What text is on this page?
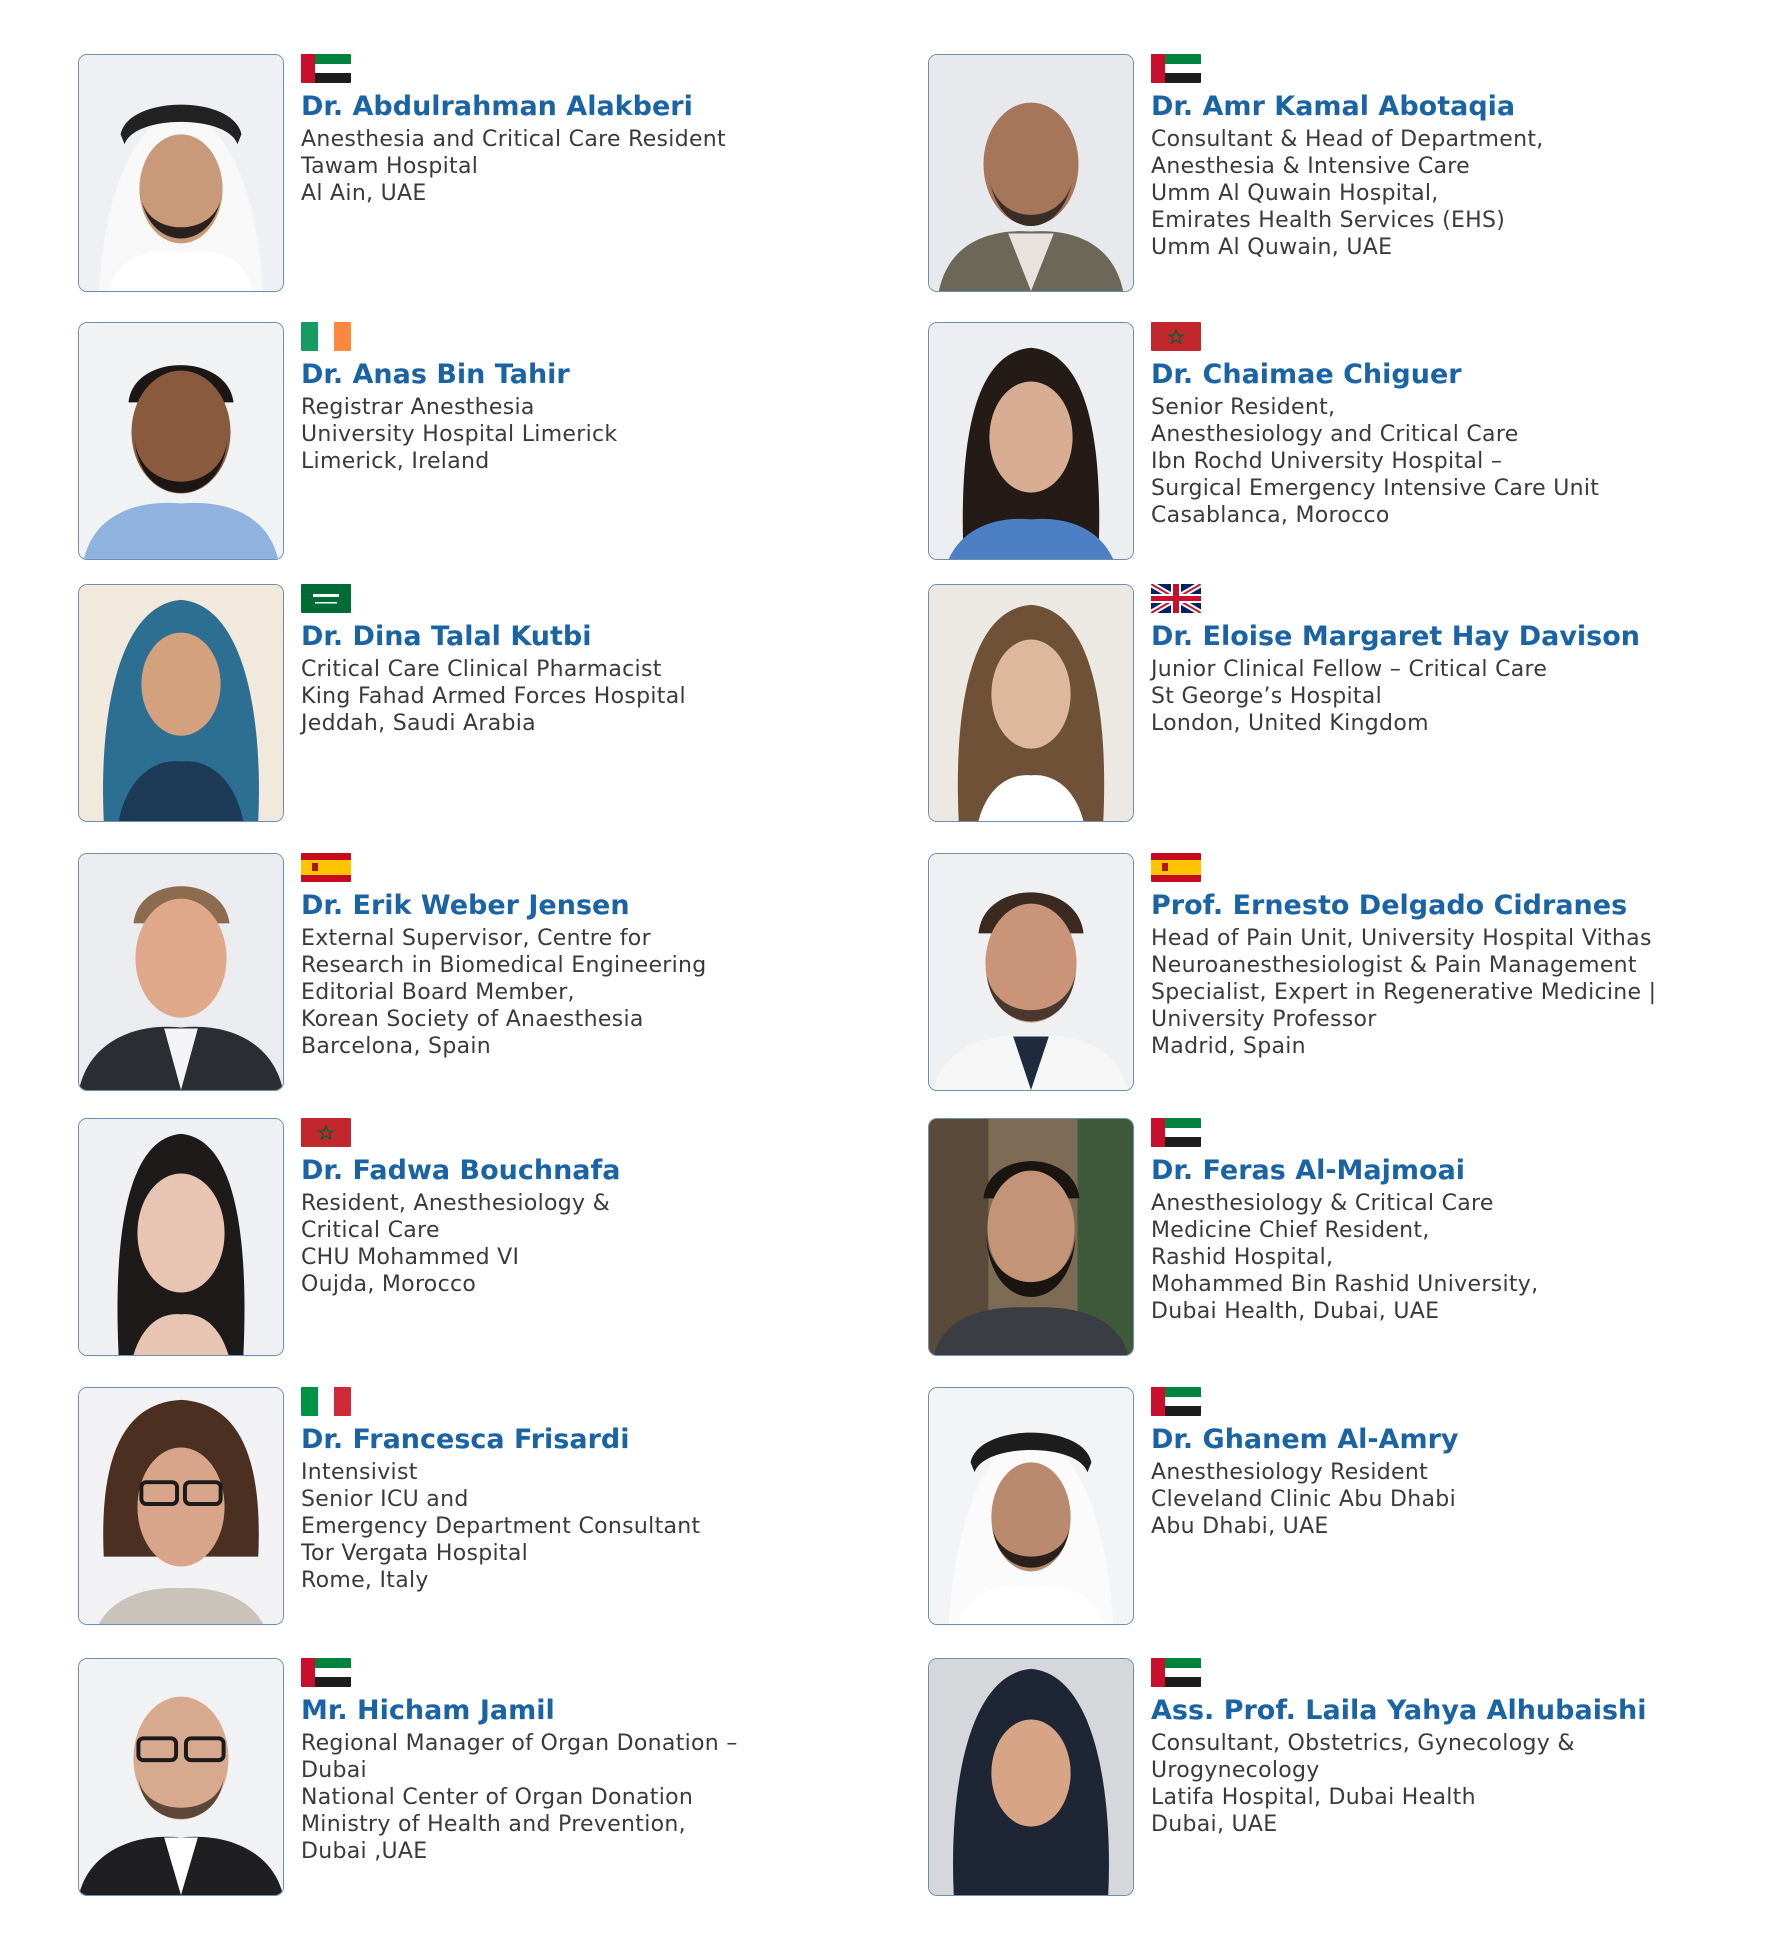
Dr. Abdulrahman Alakberi
Anesthesia and Critical Care Resident
Tawam Hospital
Al Ain, UAE
Dr. Amr Kamal Abotaqia
Consultant & Head of Department,
Anesthesia & Intensive Care
Umm Al Quwain Hospital,
Emirates Health Services (EHS)
Umm Al Quwain, UAE
Dr. Anas Bin Tahir
Registrar Anesthesia
University Hospital Limerick
Limerick, Ireland
Dr. Chaimae Chiguer
Senior Resident,
Anesthesiology and Critical Care
Ibn Rochd University Hospital –
Surgical Emergency Intensive Care Unit
Casablanca, Morocco
Dr. Dina Talal Kutbi
Critical Care Clinical Pharmacist
King Fahad Armed Forces Hospital
Jeddah, Saudi Arabia
Dr. Eloise Margaret Hay Davison
Junior Clinical Fellow – Critical Care
St George’s Hospital
London, United Kingdom
Dr. Erik Weber Jensen
External Supervisor, Centre for
Research in Biomedical Engineering
Editorial Board Member,
Korean Society of Anaesthesia
Barcelona, Spain
Prof. Ernesto Delgado Cidranes
Head of Pain Unit, University Hospital Vithas
Neuroanesthesiologist & Pain Management
Specialist, Expert in Regenerative Medicine |
University Professor
Madrid, Spain
Dr. Fadwa Bouchnafa
Resident, Anesthesiology &
Critical Care
CHU Mohammed VI
Oujda, Morocco
Dr. Feras Al-Majmoai
Anesthesiology & Critical Care
Medicine Chief Resident,
Rashid Hospital,
Mohammed Bin Rashid University,
Dubai Health, Dubai, UAE
Dr. Francesca Frisardi
Intensivist
Senior ICU and
Emergency Department Consultant
Tor Vergata Hospital
Rome, Italy
Dr. Ghanem Al-Amry
Anesthesiology Resident
Cleveland Clinic Abu Dhabi
Abu Dhabi, UAE
Mr. Hicham Jamil
Regional Manager of Organ Donation –
Dubai
National Center of Organ Donation
Ministry of Health and Prevention,
Dubai ,UAE
Ass. Prof. Laila Yahya Alhubaishi
Consultant, Obstetrics, Gynecology &
Urogynecology
Latifa Hospital, Dubai Health
Dubai, UAE
